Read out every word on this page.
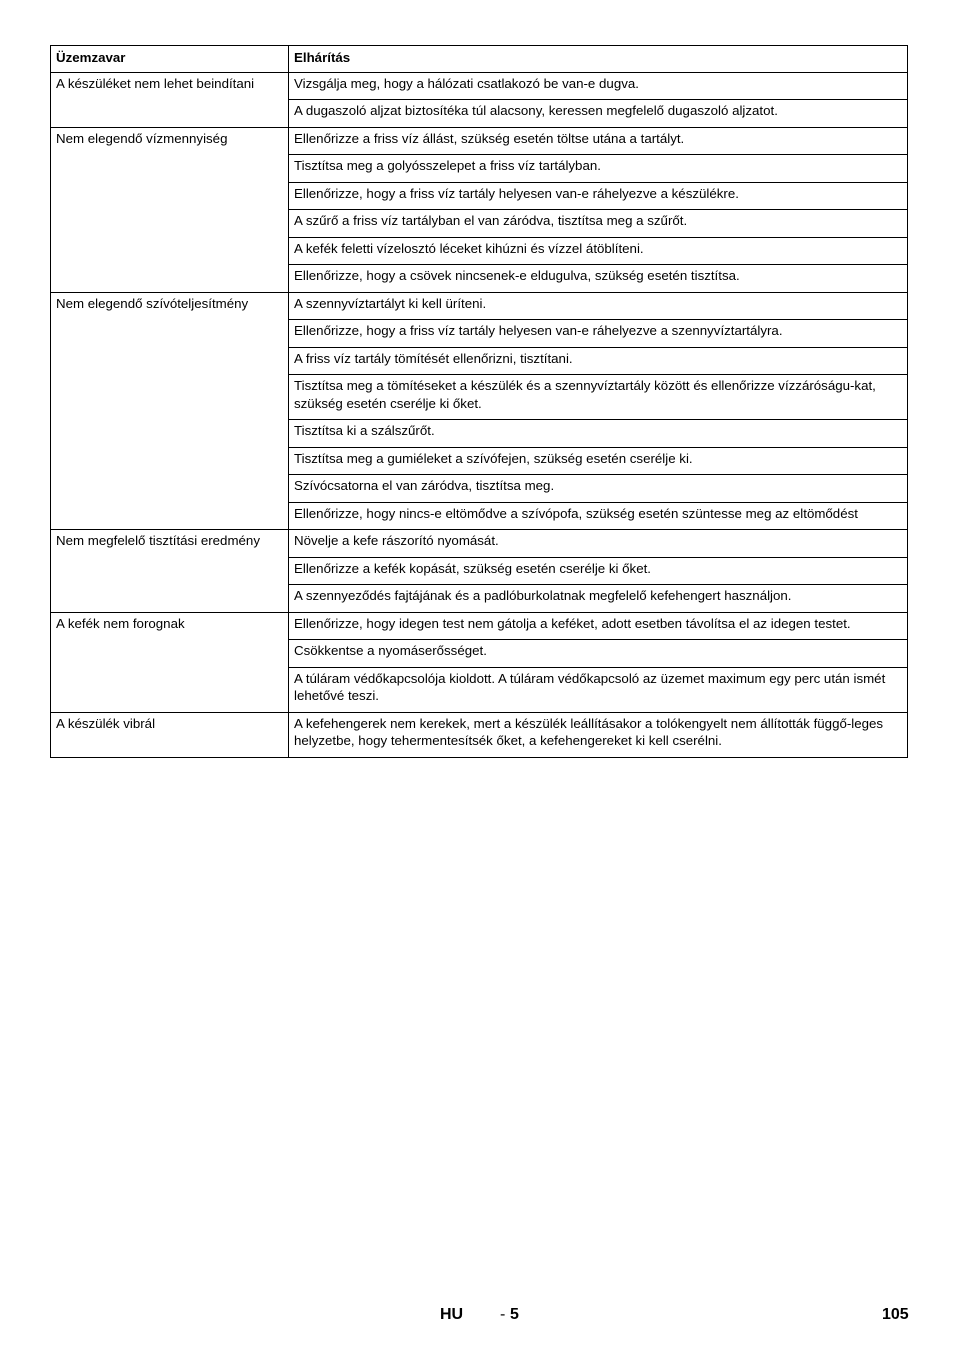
Üzemzavar	Elhárítás
A készüléket nem lehet beindítani	Vizsgálja meg, hogy a hálózati csatlakozó be van-e dugva.
	A dugaszoló aljzat biztosítéka túl alacsony, keressen megfelelő dugaszoló aljzatot.
Nem elegendő vízmennyiség	Ellenőrizze a friss víz állást, szükség esetén töltse utána a tartályt.
	Tisztítsa meg a golyósszelepet a friss víz tartályban.
	Ellenőrizze, hogy a friss víz tartály helyesen van-e ráhelyezve a készülékre.
	A szűrő a friss víz tartályban el van záródva, tisztítsa meg a szűrőt.
	A kefék feletti vízelosztó léceket kihúzni és vízzel átöblíteni.
	Ellenőrizze, hogy a csövek nincsenek-e eldugulva, szükség esetén tisztítsa.
Nem elegendő szívóteljesítmény	A szennyvíztartályt ki kell üríteni.
	Ellenőrizze, hogy a friss víz tartály helyesen van-e ráhelyezve a szennyvíztartályra.
	A friss víz tartály tömítését ellenőrizni, tisztítani.
	Tisztítsa meg a tömítéseket a készülék és a szennyvíztartály között és ellenőrizze vízzáróságu-kat, szükség esetén cserélje ki őket.
	Tisztítsa ki a szálszűrőt.
	Tisztítsa meg a gumiéleket a szívófejen, szükség esetén cserélje ki.
	Szívócsatorna el van záródva, tisztítsa meg.
	Ellenőrizze, hogy nincs-e eltömődve a szívópofa, szükség esetén szüntesse meg az eltömődést
Nem megfelelő tisztítási eredmény	Növelje a kefe rászorító nyomását.
	Ellenőrizze a kefék kopását, szükség esetén cserélje ki őket.
	A szennyeződés fajtájának és a padlóburkolatnak megfelelő kefehengert használjon.
A kefék nem forognak	Ellenőrizze, hogy idegen test nem gátolja a keféket, adott esetben távolítsa el az idegen testet.
	Csökkentse a nyomáserősséget.
	A túláram védőkapcsolója kioldott. A túláram védőkapcsoló az üzemet maximum egy perc után ismét lehetővé teszi.
A készülék vibrál	A kefehengerek nem kerekek, mert a készülék leállításakor a tolókengyelt nem állították függő-leges helyzetbe, hogy tehermentesítsék őket, a kefehengereket ki kell cserélni.
HU - 5	105
